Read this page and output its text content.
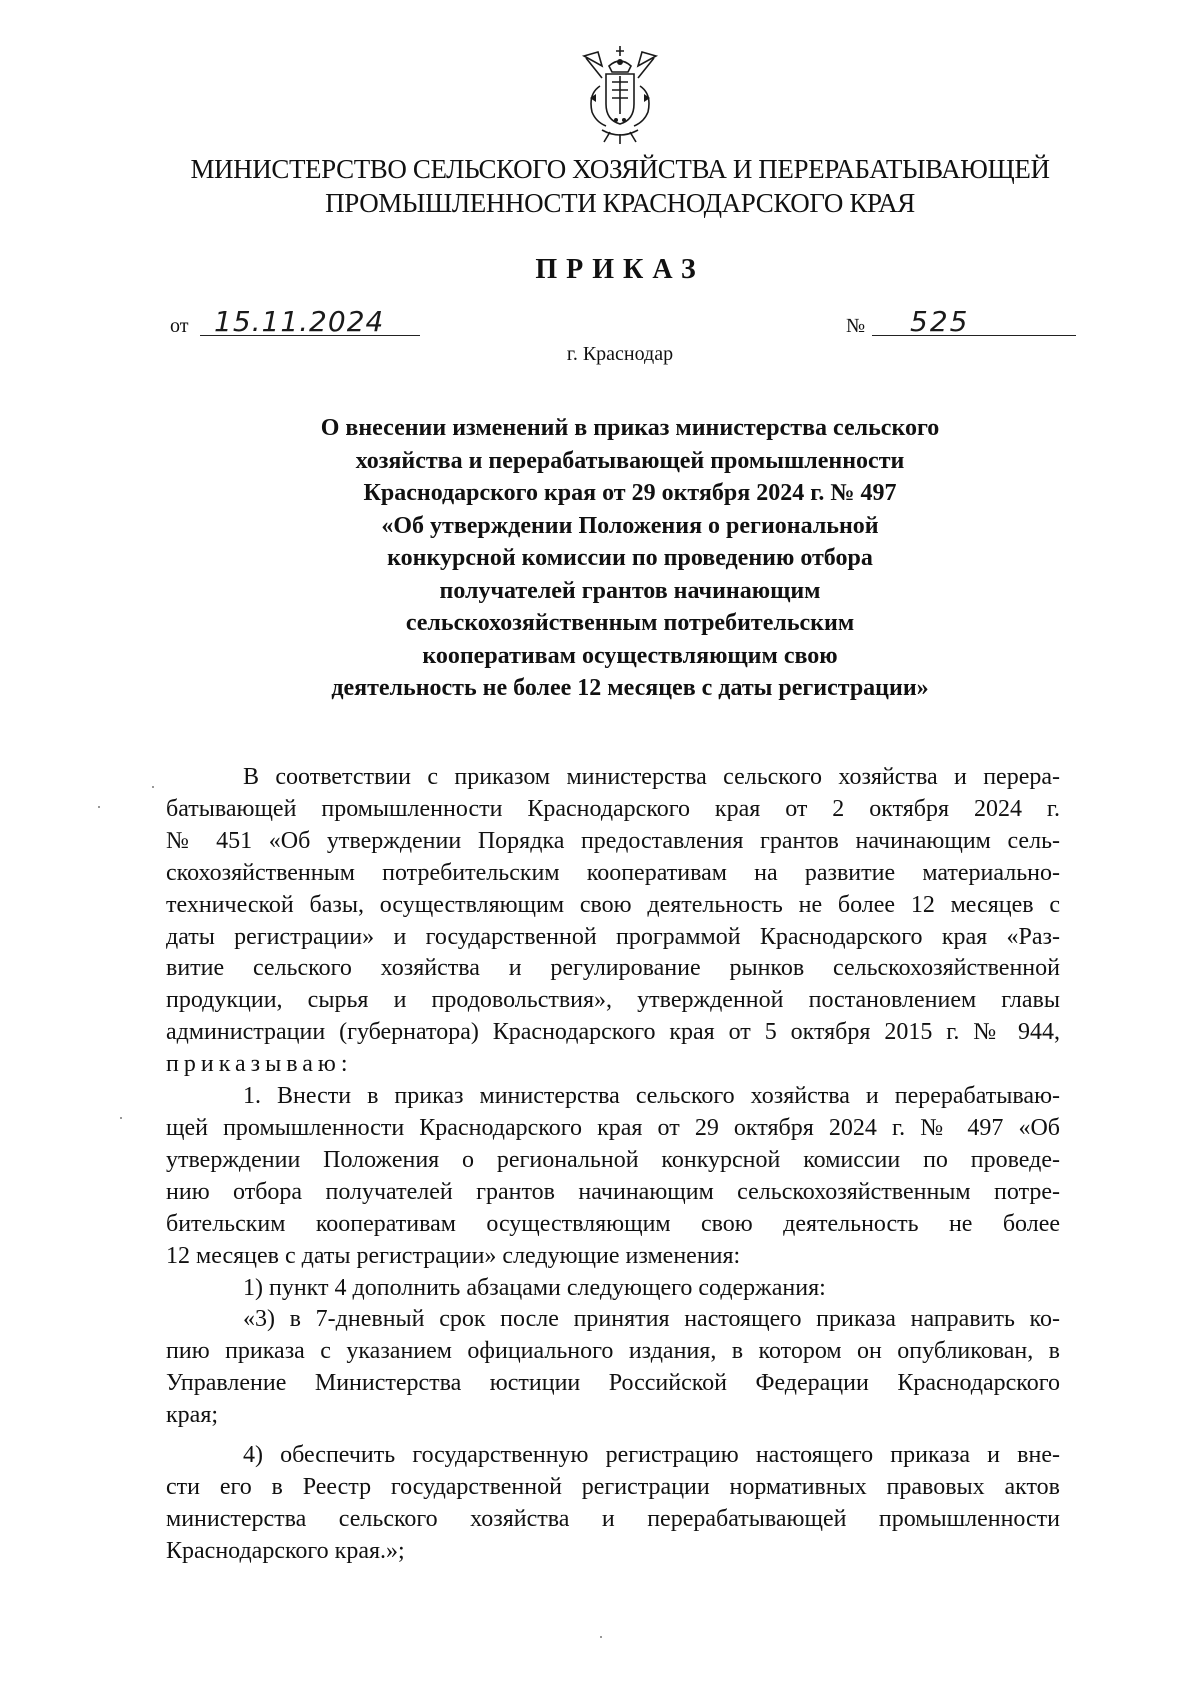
МИНИСТЕРСТВО СЕЛЬСКОГО ХОЗЯЙСТВА И ПЕРЕРАБАТЫВАЮЩЕЙ
ПРОМЫШЛЕННОСТИ КРАСНОДАРСКОГО КРАЯ
ПРИКАЗ
от 15.11.2024	№ 525
г. Краснодар
О внесении изменений в приказ министерства сельского
хозяйства и перерабатывающей промышленности
Краснодарского края от 29 октября 2024 г. № 497
«Об утверждении Положения о региональной
конкурсной комиссии по проведению отбора
получателей грантов начинающим
сельскохозяйственным потребительским
кооперативам осуществляющим свою
деятельность не более 12 месяцев с даты регистрации»
В соответствии с приказом министерства сельского хозяйства и перера-
батывающей промышленности Краснодарского края от 2 октября 2024 г.
№ 451 «Об утверждении Порядка предоставления грантов начинающим сель-
скохозяйственным потребительским кооперативам на развитие материально-
технической базы, осуществляющим свою деятельность не более 12 месяцев с
даты регистрации» и государственной программой Краснодарского края «Раз-
витие сельского хозяйства и регулирование рынков сельскохозяйственной
продукции, сырья и продовольствия», утвержденной постановлением главы
администрации (губернатора) Краснодарского края от 5 октября 2015 г. № 944,
приказываю:
1. Внести в приказ министерства сельского хозяйства и перерабатываю-
щей промышленности Краснодарского края от 29 октября 2024 г. № 497 «Об
утверждении Положения о региональной конкурсной комиссии по проведе-
нию отбора получателей грантов начинающим сельскохозяйственным потре-
бительским кооперативам осуществляющим свою деятельность не более
12 месяцев с даты регистрации» следующие изменения:
1) пункт 4 дополнить абзацами следующего содержания:
«3) в 7-дневный срок после принятия настоящего приказа направить ко-
пию приказа с указанием официального издания, в котором он опубликован, в
Управление Министерства юстиции Российской Федерации Краснодарского
края;
4) обеспечить государственную регистрацию настоящего приказа и вне-
сти его в Реестр государственной регистрации нормативных правовых актов
министерства сельского хозяйства и перерабатывающей промышленности
Краснодарского края.»;
